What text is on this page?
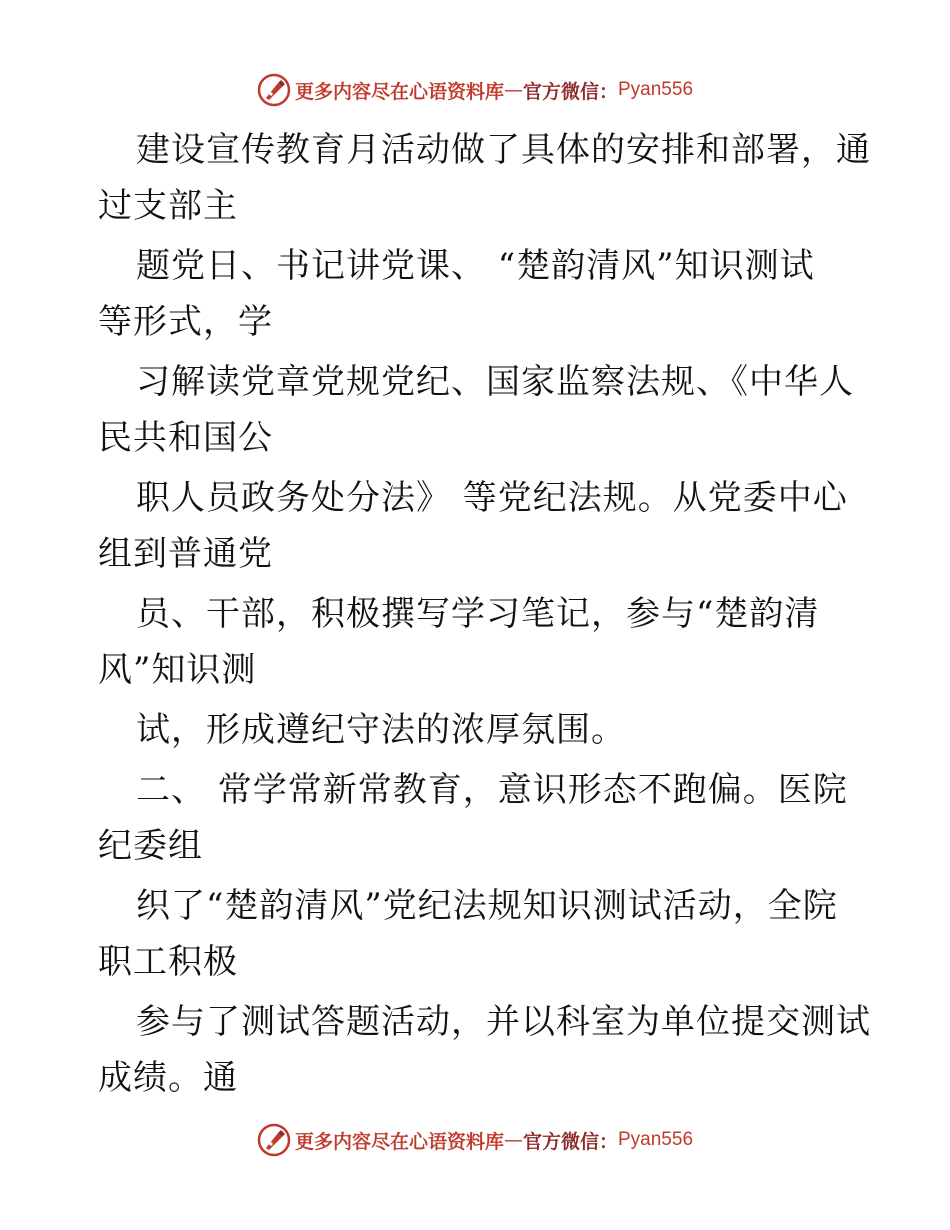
更多内容尽在心语资料库 — 官方微信： Pyan556
建设宣传教育月活动做了具体的安排和部署，通
过支部主
题党日、书记讲党课、 “楚韵清风”知识测试
等形式，学
习解读党章党规党纪、国家监察法规、《中华人
民共和国公
职人员政务处分法》 等党纪法规。从党委中心
组到普通党
员、干部，积极撰写学习笔记，参与“楚韵清
风”知识测
试，形成遵纪守法的浓厚氛围。
二、 常学常新常教育，意识形态不跑偏。医院
纪委组
织了“楚韵清风”党纪法规知识测试活动，全院
职工积极
参与了测试答题活动，并以科室为单位提交测试
成绩。通
更多内容尽在心语资料库 — 官方微信： Pyan556
